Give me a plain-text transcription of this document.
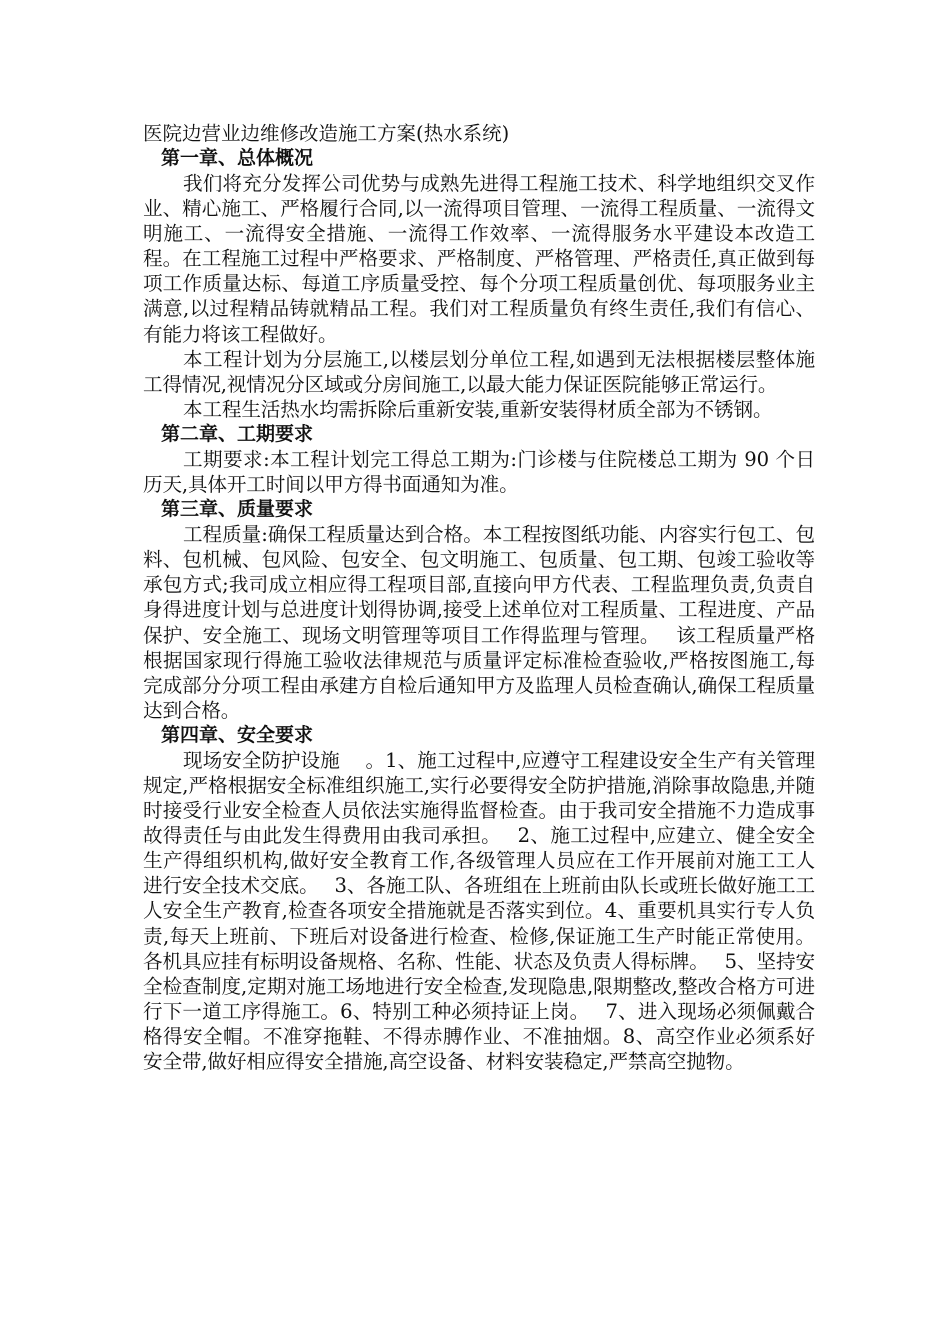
医院边营业边维修改造施工方案(热水系统)

第一章、总体概况

我们将充分发挥公司优势与成熟先进得工程施工技术、科学地组织交叉作业、精心施工、严格履行合同,以一流得项目管理、一流得工程质量、一流得文明施工、一流得安全措施、一流得工作效率、一流得服务水平建设本改造工程。在工程施工过程中严格要求、严格制度、严格管理、严格责任,真正做到每项工作质量达标、每道工序质量受控、每个分项工程质量创优、每项服务业主满意,以过程精品铸就精品工程。我们对工程质量负有终生责任,我们有信心、有能力将该工程做好。

本工程计划为分层施工,以楼层划分单位工程,如遇到无法根据楼层整体施工得情况,视情况分区域或分房间施工,以最大能力保证医院能够正常运行。

本工程生活热水均需拆除后重新安装,重新安装得材质全部为不锈钢。

第二章、工期要求

工期要求:本工程计划完工得总工期为:门诊楼与住院楼总工期为 90 个日历天,具体开工时间以甲方得书面通知为准。

第三章、质量要求

工程质量:确保工程质量达到合格。本工程按图纸功能、内容实行包工、包料、包机械、包风险、包安全、包文明施工、包质量、包工期、包竣工验收等承包方式;我司成立相应得工程项目部,直接向甲方代表、工程监理负责,负责自身得进度计划与总进度计划得协调,接受上述单位对工程质量、工程进度、产品保护、安全施工、现场文明管理等项目工作得监理与管理。　 该工程质量严格根据国家现行得施工验收法律规范与质量评定标准检查验收,严格按图施工,每完成部分分项工程由承建方自检后通知甲方及监理人员检查确认,确保工程质量达到合格。

第四章、安全要求

现场安全防护设施　 。1、施工过程中,应遵守工程建设安全生产有关管理规定,严格根据安全标准组织施工,实行必要得安全防护措施,消除事故隐患,并随时接受行业安全检查人员依法实施得监督检查。由于我司安全措施不力造成事故得责任与由此发生得费用由我司承担。　 2、施工过程中,应建立、健全安全生产得组织机构,做好安全教育工作,各级管理人员应在工作开展前对施工工人进行安全技术交底。　 3、各施工队、各班组在上班前由队长或班长做好施工工人安全生产教育,检查各项安全措施就是否落实到位。4、重要机具实行专人负责,每天上班前、下班后对设备进行检查、检修,保证施工生产时能正常使用。各机具应挂有标明设备规格、名称、性能、状态及负责人得标牌。　 5、坚持安全检查制度,定期对施工场地进行安全检查,发现隐患,限期整改,整改合格方可进行下一道工序得施工。6、特别工种必须持证上岗。　 7、进入现场必须佩戴合格得安全帽。不准穿拖鞋、不得赤膊作业、不准抽烟。8、高空作业必须系好安全带,做好相应得安全措施,高空设备、材料安装稳定,严禁高空抛物。
